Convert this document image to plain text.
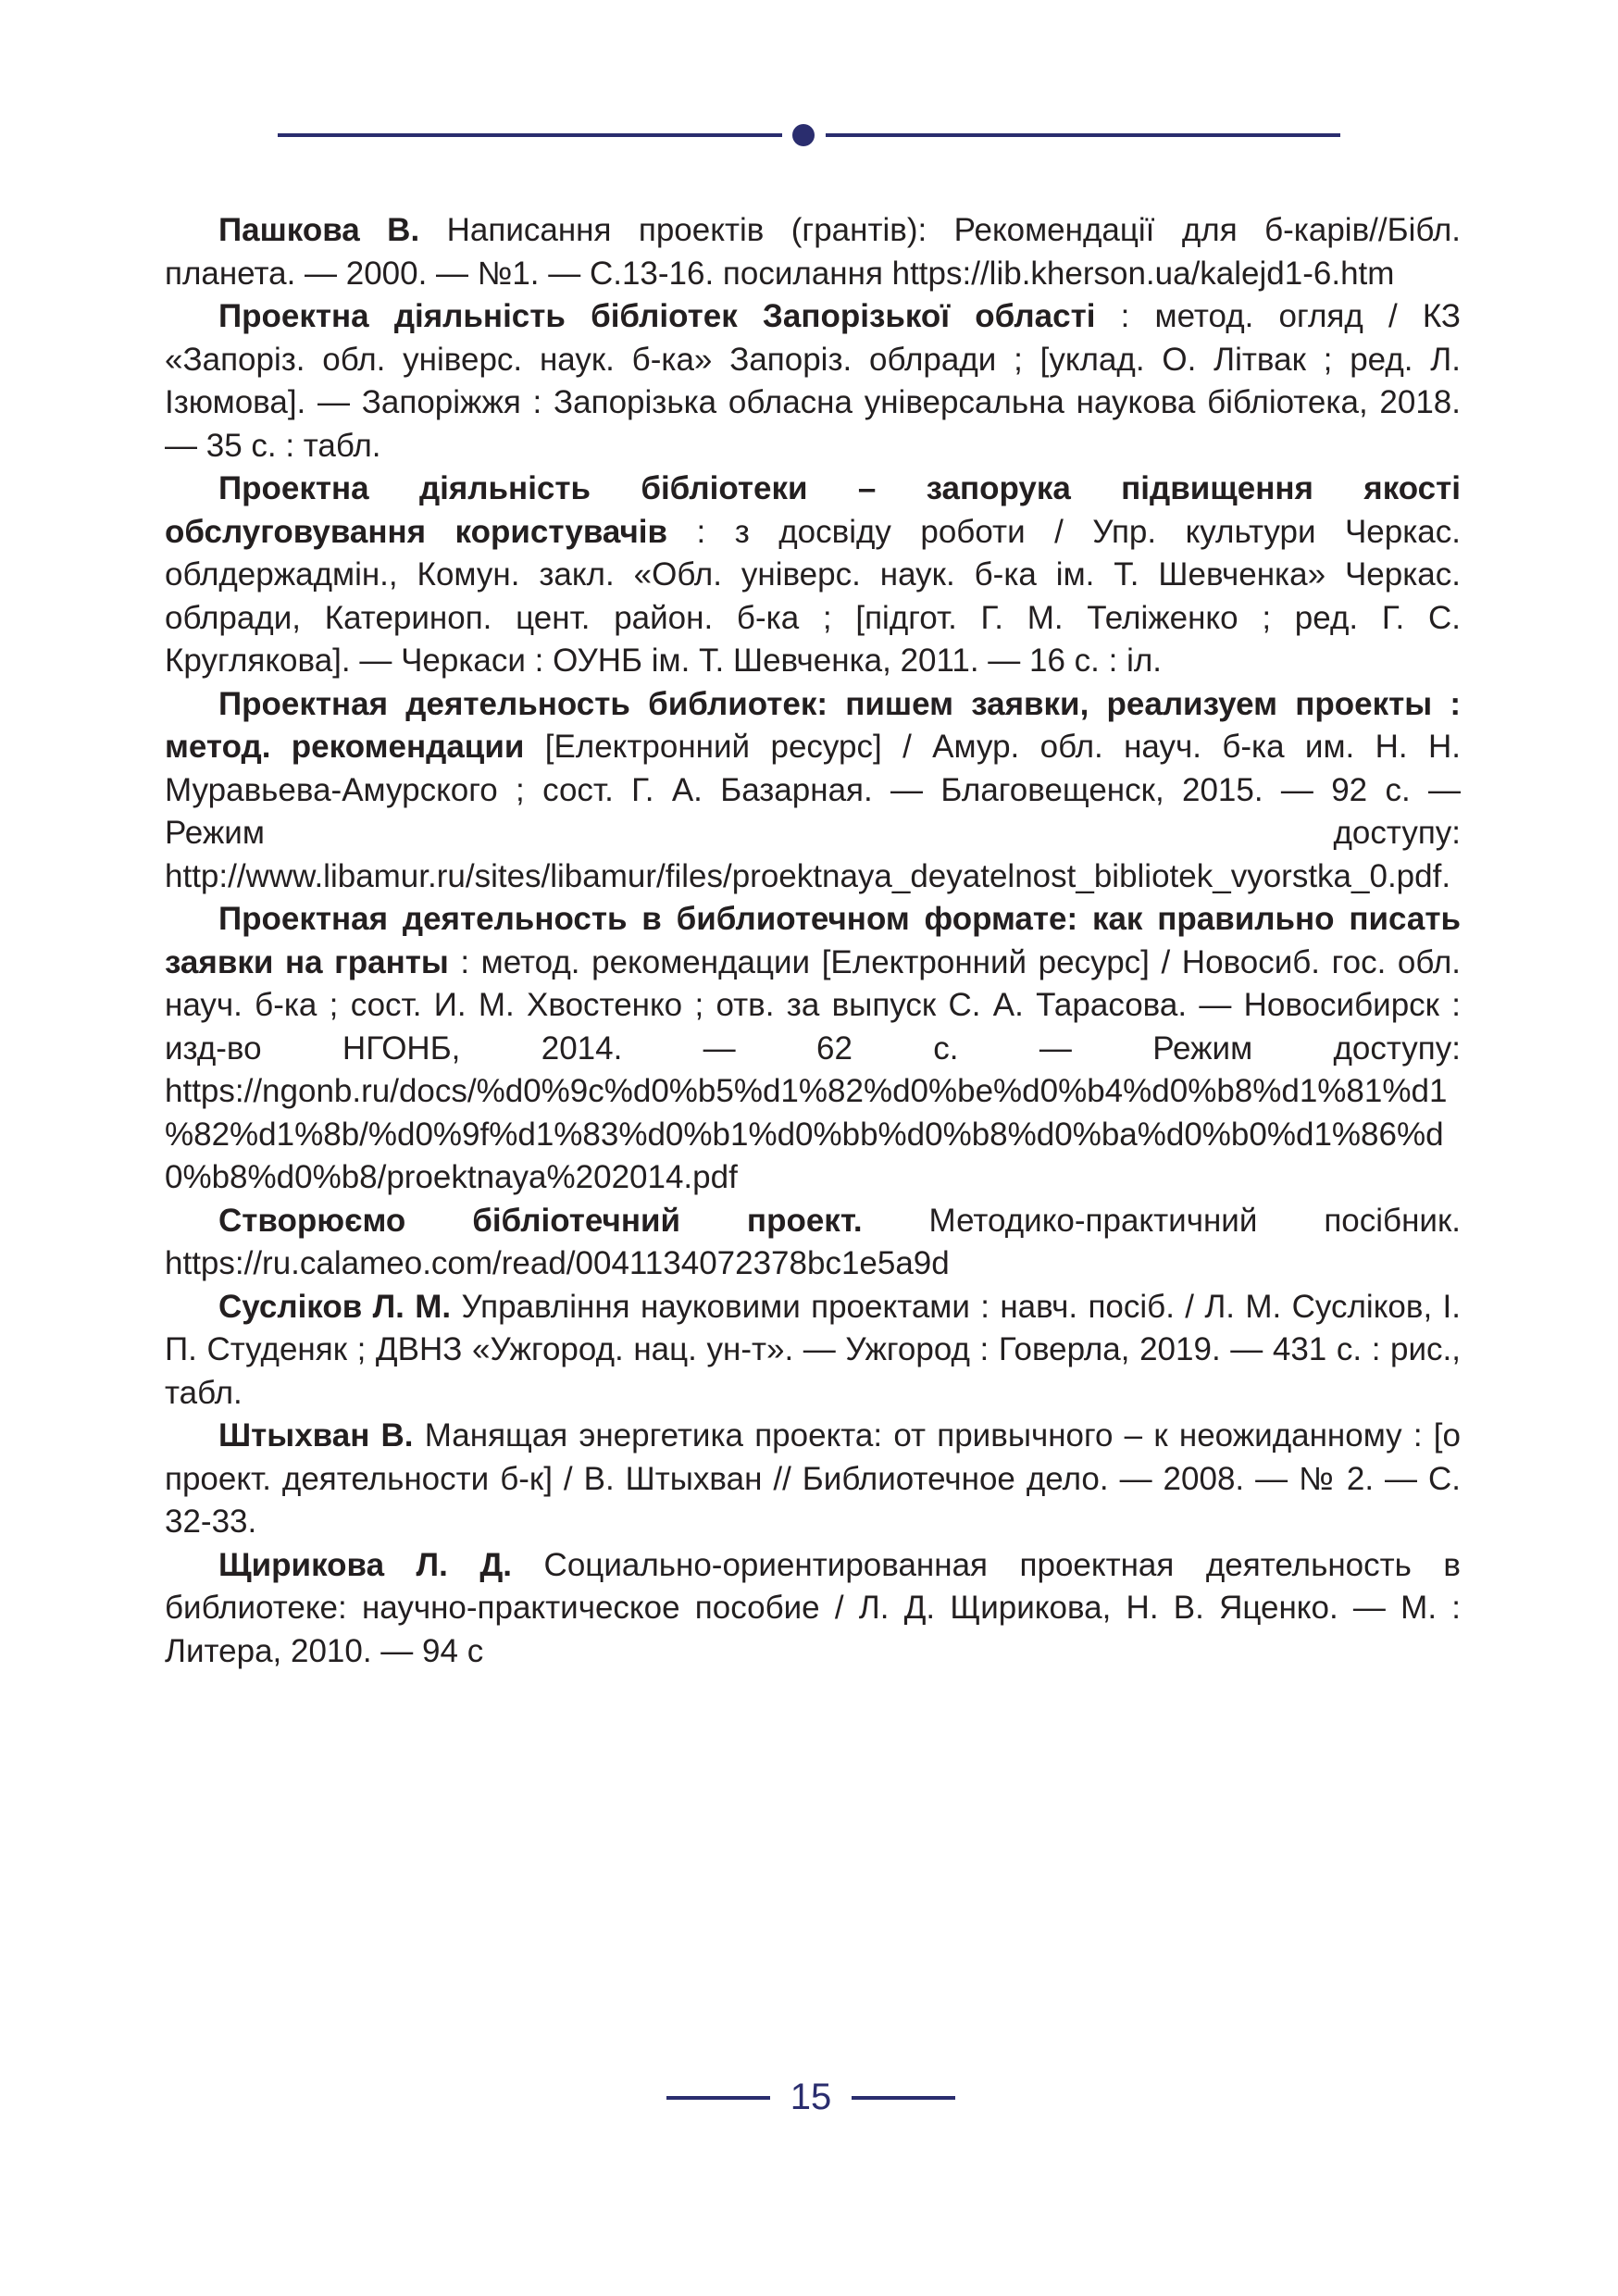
Пашкова В. Написання проектів (грантів): Рекомендації для б-карів//Бібл. планета. — 2000. — №1. — С.13-16. посилання https://lib.kherson.ua/kalejd1-6.htm

Проектна діяльність бібліотек Запорізької області : метод. огляд / КЗ «Запоріз. обл. універс. наук. б-ка» Запоріз. облради ; [уклад. О. Літвак ; ред. Л. Ізюмова]. — Запоріжжя : Запорізька обласна універсальна наукова бібліотека, 2018. — 35 с. : табл.

Проектна діяльність бібліотеки – запорука підвищення якості обслуговування користувачів : з досвіду роботи / Упр. культури Черкас. облдержадмін., Комун. закл. «Обл. універс. наук. б-ка ім. Т. Шевченка» Черкас. облради, Катериноп. цент. район. б-ка ; [підгот. Г. М. Теліженко ; ред. Г. С. Круглякова]. — Черкаси : ОУНБ ім. Т. Шевченка, 2011. — 16 с. : іл.

Проектная деятельность библиотек: пишем заявки, реализуем проекты : метод. рекомендации [Електронний ресурс] / Амур. обл. науч. б-ка им. Н. Н. Муравьева-Амурского ; сост. Г. А. Базарная. — Благовещенск, 2015. — 92 с. — Режим доступу: http://www.libamur.ru/sites/libamur/files/proektnaya_deyatelnost_bibliotek_vyorstka_0.pdf.

Проектная деятельность в библиотечном формате: как правильно писать заявки на гранты : метод. рекомендации [Електронний ресурс] / Новосиб. гос. обл. науч. б-ка ; сост. И. М. Хвостенко ; отв. за выпуск С. А. Тарасова. — Новосибирск : изд-во НГОНБ, 2014. — 62 с. — Режим доступу: https://ngonb.ru/docs/%d0%9c%d0%b5%d1%82%d0%be%d0%b4%d0%b8%d1%81%d1%82%d1%8b/%d0%9f%d1%83%d0%b1%d0%bb%d0%b8%d0%ba%d0%b0%d1%86%d0%b8%d0%b8/proektnaya%202014.pdf

Створюємо бібліотечний проект. Методико-практичний посібник. https://ru.calameo.com/read/0041134072378bc1e5a9d

Сусліков Л. М. Управління науковими проектами : навч. посіб. / Л. М. Сусліков, І. П. Студеняк ; ДВНЗ «Ужгород. нац. ун-т». — Ужгород : Говерла, 2019. — 431 с. : рис., табл.

Штыхван В. Манящая энергетика проекта: от привычного – к неожиданному : [о проект. деятельности б-к] / В. Штыхван // Библиотечное дело. — 2008. — № 2. — С. 32-33.

Щирикова Л. Д. Социально-ориентированная проектная деятельность в библиотеке: научно-практическое пособие / Л. Д. Щирикова, Н. В. Яценко. — М. : Литера, 2010. — 94 с

15
